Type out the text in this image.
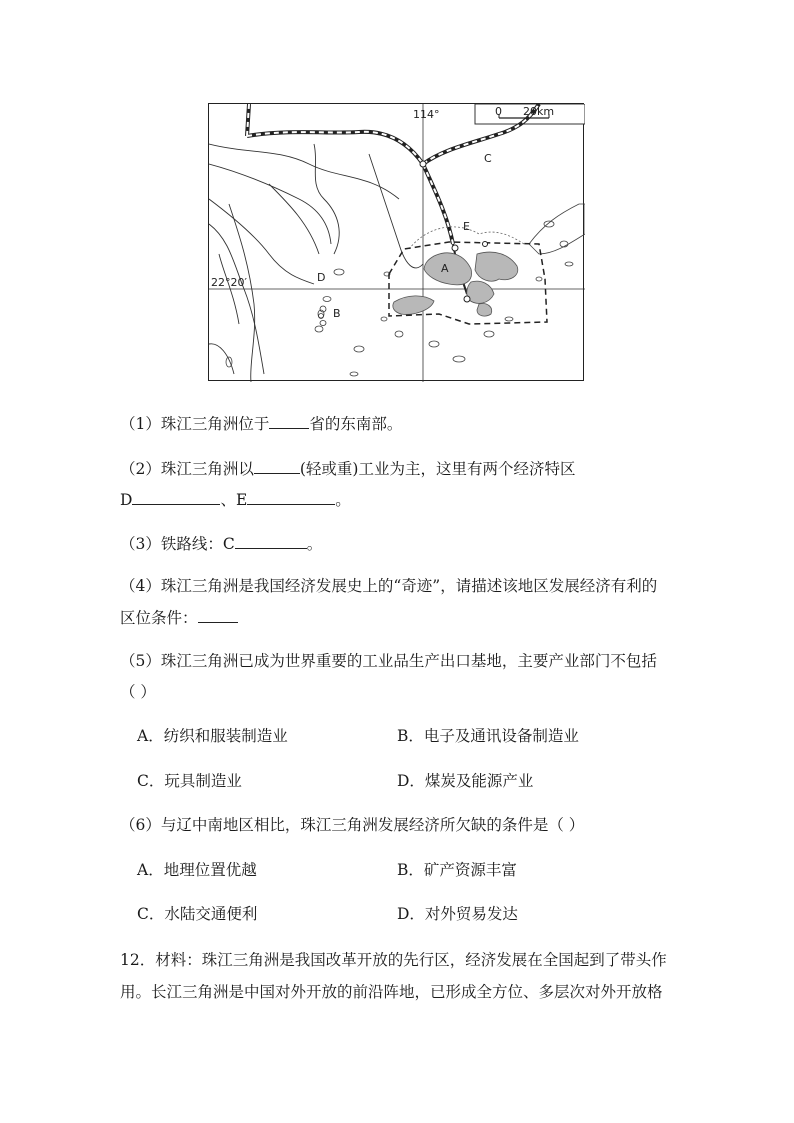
114°
22°20′
0 20km
C
E
A
D
B
（1）珠江三角洲位于	省的东南部。
（2）珠江三角洲以	(轻或重)工业为主，这里有两个经济特区
D	、E	。
（3）铁路线：C	。
（4）珠江三角洲是我国经济发展史上的“奇迹”，请描述该地区发展经济有利的
区位条件：
（5）珠江三角洲已成为世界重要的工业品生产出口基地，主要产业部门不包括
（ ）
A．纺织和服装制造业	B．电子及通讯设备制造业
C．玩具制造业	D．煤炭及能源产业
（6）与辽中南地区相比，珠江三角洲发展经济所欠缺的条件是（ ）
A．地理位置优越	B．矿产资源丰富
C．水陆交通便利	D．对外贸易发达
12．材料：珠江三角洲是我国改革开放的先行区，经济发展在全国起到了带头作
用。长江三角洲是中国对外开放的前沿阵地，已形成全方位、多层次对外开放格
